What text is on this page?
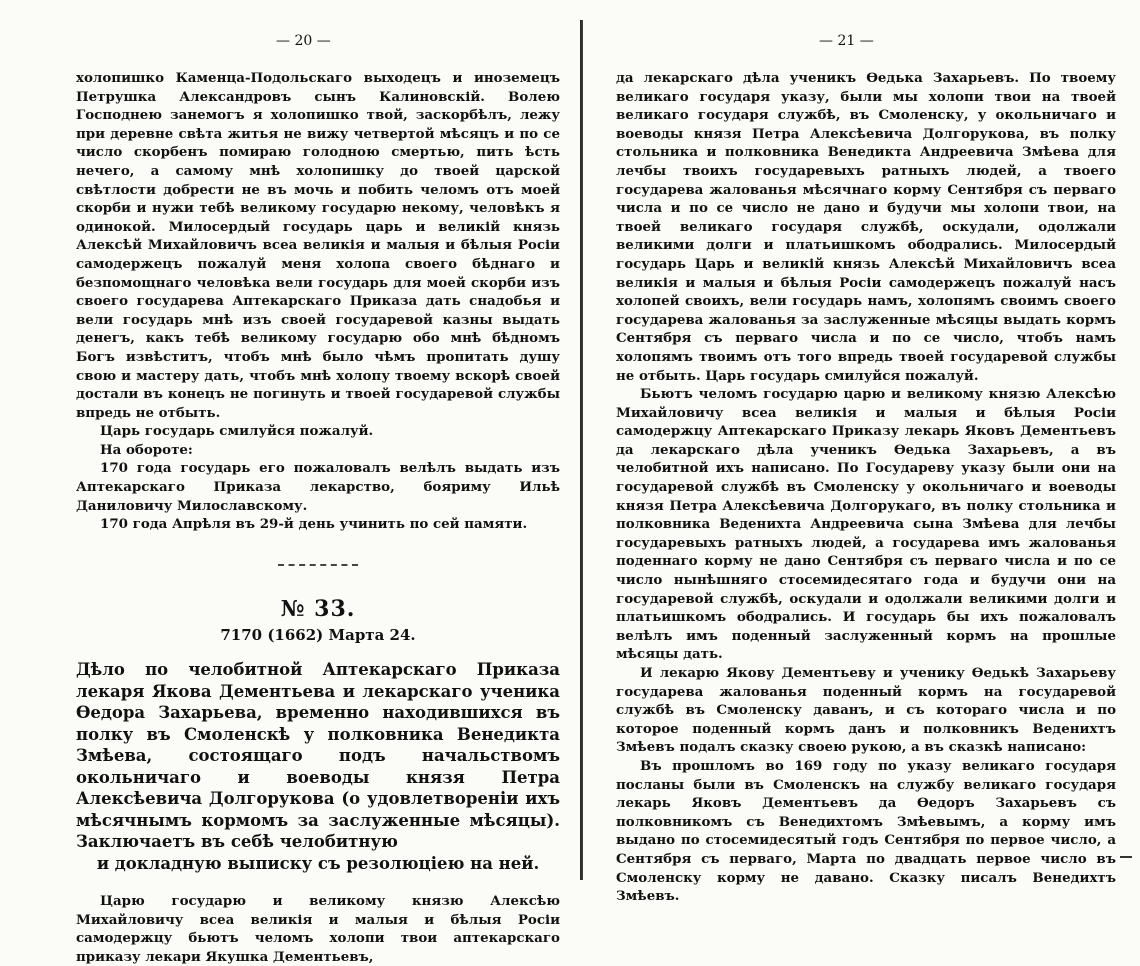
— 20 —

холопишко Каменца-Подольскаго выходецъ и иноземецъ Петрушка Александровъ сынъ Калиновскій. Волею Господнею занемогъ я холопишко твой, заскорбѣлъ, лежу при деревне свѣта житья не вижу четвертой мѣсяцъ и по се число скорбенъ помираю голодною смертью, пить ѣсть нечего, а самому мнѣ холопишку до твоей царской свѣтлости добрести не въ мочь и побить челомъ отъ моей скорби и нужи тебѣ великому государю некому, человѣкъ я одинокой. Милосердый государь царь и великій князь Алексѣй Михайловичъ всеа великія и малыя и бѣлыя Росіи самодержецъ пожалуй меня холопа своего бѣднаго и безпомощнаго человѣка вели государь для моей скорби изъ своего государева Аптекарскаго Приказа дать снадобья и вели государь мнѣ изъ своей государевой казны выдать денегъ, какъ тебѣ великому государю обо мнѣ бѣдномъ Богъ извѣститъ, чтобъ мнѣ было чѣмъ пропитать душу свою и мастеру дать, чтобъ мнѣ холопу твоему вскорѣ своей достали въ конецъ не погинуть и твоей государевой службы впредь не отбыть.

Царь государь смилуйся пожалуй.

На обороте:

170 года государь его пожаловалъ велѣлъ выдать изъ Аптекарскаго Приказа лекарство, бояриму Ильѣ Даниловичу Милославскому.

170 года Апрѣля въ 29-й день учинить по сей памяти.

№ 33.
7170 (1662) Марта 24.
Дѣло по челобитной Аптекарскаго Приказа лекаря Якова Дементьева и лекарскаго ученика Ѳедора Захарьева, временно находившихся въ полку въ Смоленскѣ у полковника Венедикта Змѣева, состоящаго подъ начальствомъ окольничаго и воеводы князя Петра Алексѣевича Долгорукова (о удовлетвореніи ихъ мѣсячнымъ кормомъ за заслуженные мѣсяцы). Заключаетъ въ себѣ челобитную
и докладную выписку съ резолюціею на ней.

Царю государю и великому князю Алексѣю Михайловичу всеа великія и малыя и бѣлыя Росіи самодержцу бьютъ челомъ холопи твои аптекарскаго приказу лекари Якушка Дементьевъ,

— 21 —

да лекарскаго дѣла ученикъ Ѳедька Захарьевъ. По твоему великаго государя указу, были мы холопи твои на твоей великаго государя службѣ, въ Смоленску, у окольничаго и воеводы князя Петра Алексѣевича Долгорукова, въ полку стольника и полковника Венедикта Андреевича Змѣева для лечбы твоихъ государевыхъ ратныхъ людей, а твоего государева жалованья мѣсячнаго корму Сентября съ перваго числа и по се число не дано и будучи мы холопи твои, на твоей великаго государя службѣ, оскудали, одолжали великими долги и платьишкомъ ободрались. Милосердый государь Царь и великій князь Алексѣй Михайловичъ всеа великія и малыя и бѣлыя Росіи самодержецъ пожалуй насъ холопей своихъ, вели государь намъ, холопямъ своимъ своего государева жалованья за заслуженные мѣсяцы выдать кормъ Сентября съ перваго числа и по се число, чтобъ намъ холопямъ твоимъ отъ того впредь твоей государевой службы не отбыть. Царь государь смилуйся пожалуй.

Бьютъ челомъ государю царю и великому князю Алексѣю Михайловичу всеа великія и малыя и бѣлыя Росіи самодержцу Аптекарскаго Приказу лекарь Яковъ Дементьевъ да лекарскаго дѣла ученикъ Ѳедька Захарьевъ, а въ челобитной ихъ написано. По Государеву указу были они на государевой службѣ въ Смоленску у окольничаго и воеводы князя Петра Алексѣевича Долгорукаго, въ полку стольника и полковника Веденихта Андреевича сына Змѣева для лечбы государевыхъ ратныхъ людей, а государева имъ жалованья поденнаго корму не дано Сентября съ перваго числа и по се число нынѣшняго стосемидесятаго года и будучи они на государевой службѣ, оскудали и одолжали великими долги и платьишкомъ ободрались. И государь бы ихъ пожаловалъ велѣлъ имъ поденный заслуженный кормъ на прошлые мѣсяцы дать.

И лекарю Якову Дементьеву и ученику Ѳедькѣ Захарьеву государева жалованья поденный кормъ на государевой службѣ въ Смоленску даванъ, и съ котораго числа и по которое поденный кормъ данъ и полковникъ Веденихтъ Змѣевъ подалъ сказку своею рукою, а въ сказкѣ написано:

Въ прошломъ во 169 году по указу великаго государя посланы были въ Смоленскъ на службу великаго государя лекарь Яковъ Дементьевъ да Ѳедоръ Захарьевъ съ полковникомъ съ Венедихтомъ Змѣевымъ, а корму имъ выдано по стосемидесятый годъ Сентября по первое число, а Сентября съ перваго, Марта по двадцать первое число въ Смоленску корму не давано. Сказку писалъ Венедихтъ Змѣевъ.
